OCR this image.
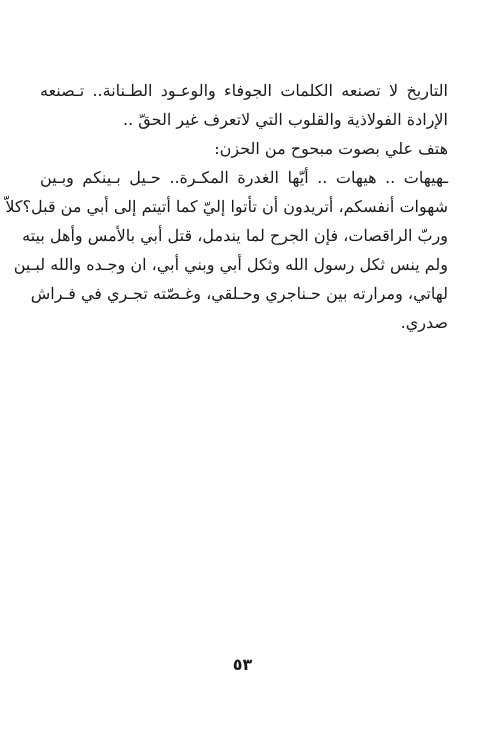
التاريخ لا تصنعه الكلمات الجوفاء والوعـود الطـنانة.. تـصنعه
الإرادة الفولاذية والقلوب التي لاتعرف غير الحقّ ..

هتف علي بصوت مبحوح من الحزن:

ـهيهات .. هيهات .. أيّها الغدرة المكـرة.. حـيل بـينكم وبـين
شهوات أنفسكم، أتريدون أن تأتوا إليّ كما أتيتم إلى أبي من قبل؟كلاّ
وربّ الراقصات، فإن الجرح لما يندمل، قتل أبي بالأمس وأهل بيته
ولم ينس ثكل رسول الله وثكل أبي وبني أبي، ان وجـده والله لبـين
لهاتي، ومرارته بين حـناجري وحـلقي، وغـصّته تجـري في فـراش
صدري.

٥٣
